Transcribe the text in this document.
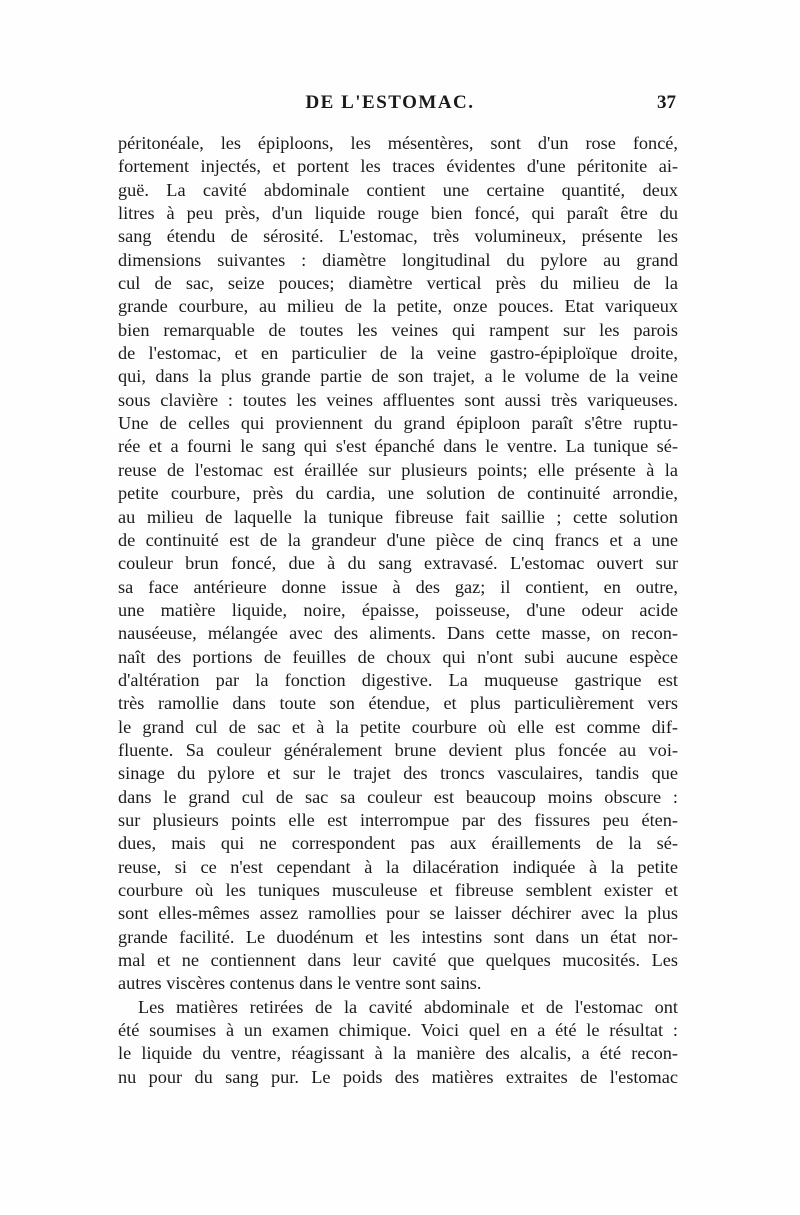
DE L'ESTOMAC.	37
péritonéale, les épiploons, les mésentères, sont d'un rose foncé,
fortement injectés, et portent les traces évidentes d'une péritonite ai-
guë. La cavité abdominale contient une certaine quantité, deux
litres à peu près, d'un liquide rouge bien foncé, qui paraît être du
sang étendu de sérosité. L'estomac, très volumineux, présente les
dimensions suivantes : diamètre longitudinal du pylore au grand
cul de sac, seize pouces; diamètre vertical près du milieu de la
grande courbure, au milieu de la petite, onze pouces. Etat variqueux
bien remarquable de toutes les veines qui rampent sur les parois
de l'estomac, et en particulier de la veine gastro-épiploïque droite,
qui, dans la plus grande partie de son trajet, a le volume de la veine
sous clavière : toutes les veines affluentes sont aussi très variqueuses.
Une de celles qui proviennent du grand épiploon paraît s'être ruptu-
rée et a fourni le sang qui s'est épanché dans le ventre. La tunique sé-
reuse de l'estomac est éraillée sur plusieurs points; elle présente à la
petite courbure, près du cardia, une solution de continuité arrondie,
au milieu de laquelle la tunique fibreuse fait saillie ; cette solution
de continuité est de la grandeur d'une pièce de cinq francs et a une
couleur brun foncé, due à du sang extravasé. L'estomac ouvert sur
sa face antérieure donne issue à des gaz; il contient, en outre,
une matière liquide, noire, épaisse, poisseuse, d'une odeur acide
nauséeuse, mélangée avec des aliments. Dans cette masse, on recon-
naît des portions de feuilles de choux qui n'ont subi aucune espèce
d'altération par la fonction digestive. La muqueuse gastrique est
très ramollie dans toute son étendue, et plus particulièrement vers
le grand cul de sac et à la petite courbure où elle est comme dif-
fluente. Sa couleur généralement brune devient plus foncée au voi-
sinage du pylore et sur le trajet des troncs vasculaires, tandis que
dans le grand cul de sac sa couleur est beaucoup moins obscure :
sur plusieurs points elle est interrompue par des fissures peu éten-
dues, mais qui ne correspondent pas aux éraillements de la sé-
reuse, si ce n'est cependant à la dilacération indiquée à la petite
courbure où les tuniques musculeuse et fibreuse semblent exister et
sont elles-mêmes assez ramollies pour se laisser déchirer avec la plus
grande facilité. Le duodénum et les intestins sont dans un état nor-
mal et ne contiennent dans leur cavité que quelques mucosités. Les
autres viscères contenus dans le ventre sont sains.
Les matières retirées de la cavité abdominale et de l'estomac ont
été soumises à un examen chimique. Voici quel en a été le résultat :
le liquide du ventre, réagissant à la manière des alcalis, a été recon-
nu pour du sang pur. Le poids des matières extraites de l'estomac
